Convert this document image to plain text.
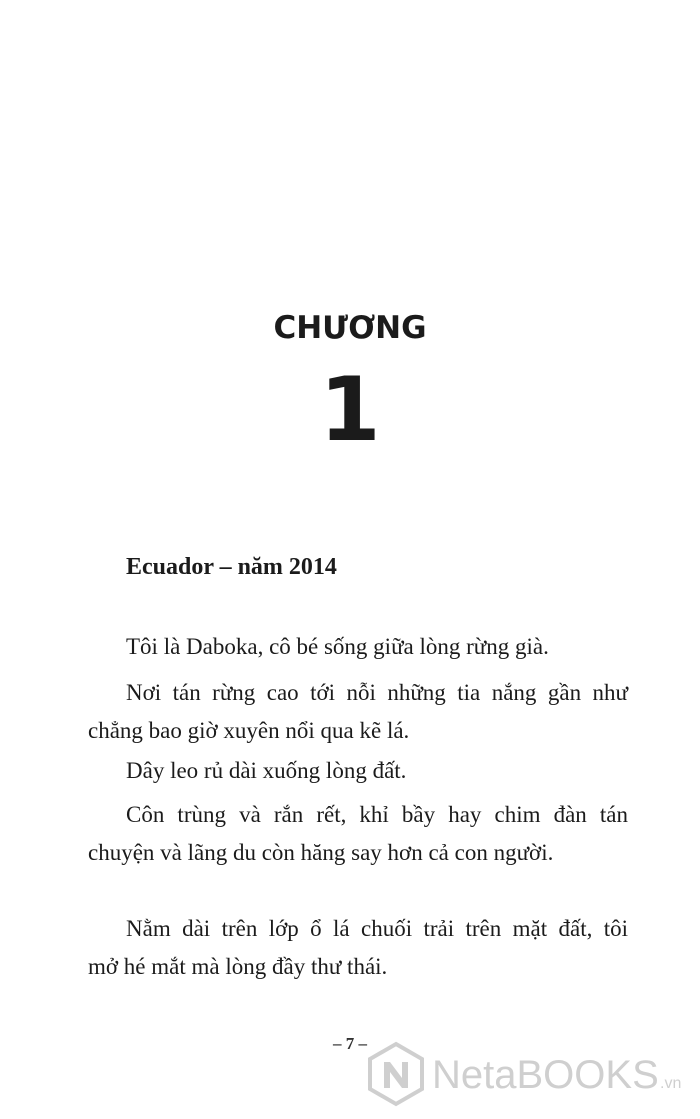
CHƯƠNG
1
Ecuador – năm 2014

Tôi là Daboka, cô bé sống giữa lòng rừng già.

Nơi tán rừng cao tới nỗi những tia nắng gần như
chẳng bao giờ xuyên nổi qua kẽ lá.

Dây leo rủ dài xuống lòng đất.

Côn trùng và rắn rết, khỉ bầy hay chim đàn tán
chuyện và lãng du còn hăng say hơn cả con người.

Nằm dài trên lớp ổ lá chuối trải trên mặt đất, tôi
mở hé mắt mà lòng đầy thư thái.

– 7 –
NetaBOOKS .vn
